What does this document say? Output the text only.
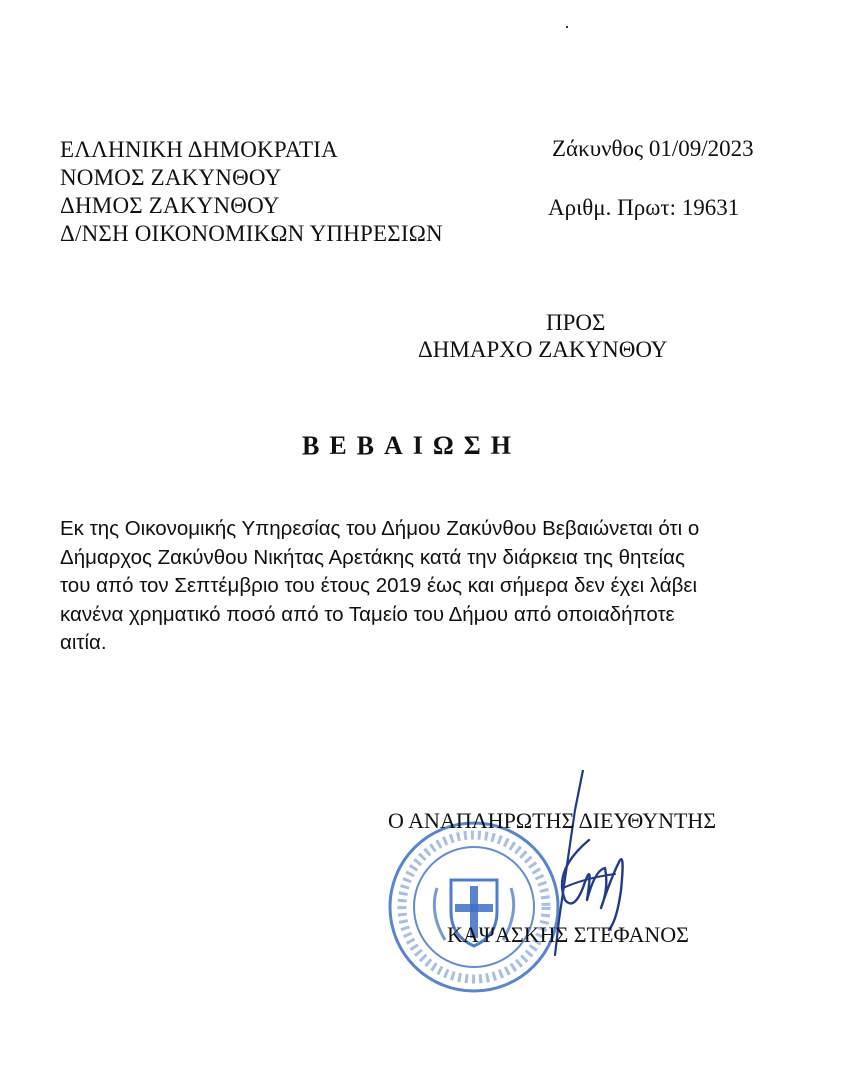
ΕΛΛΗΝΙΚΗ ΔΗΜΟΚΡΑΤΙΑ
ΝΟΜΟΣ ΖΑΚΥΝΘΟΥ
ΔΗΜΟΣ ΖΑΚΥΝΘΟΥ
Δ/ΝΣΗ ΟΙΚΟΝΟΜΙΚΩΝ ΥΠΗΡΕΣΙΩΝ
Ζάκυνθος 01/09/2023
Αριθμ. Πρωτ: 19631
ΠΡΟΣ
ΔΗΜΑΡΧΟ ΖΑΚΥΝΘΟΥ
ΒΕΒΑΙΩΣΗ
Εκ της Οικονομικής Υπηρεσίας του Δήμου Ζακύνθου Βεβαιώνεται ότι ο
Δήμαρχος Ζακύνθου Νικήτας Αρετάκης κατά την διάρκεια της θητείας
του από τον Σεπτέμβριο του έτους 2019 έως και σήμερα δεν έχει λάβει
κανένα χρηματικό ποσό από το Ταμείο του Δήμου από οποιαδήποτε
αιτία.
Ο ΑΝΑΠΛΗΡΩΤΗΣ ΔΙΕΥΘΥΝΤΗΣ
ΚΑΨΑΣΚΗΣ ΣΤΕΦΑΝΟΣ
